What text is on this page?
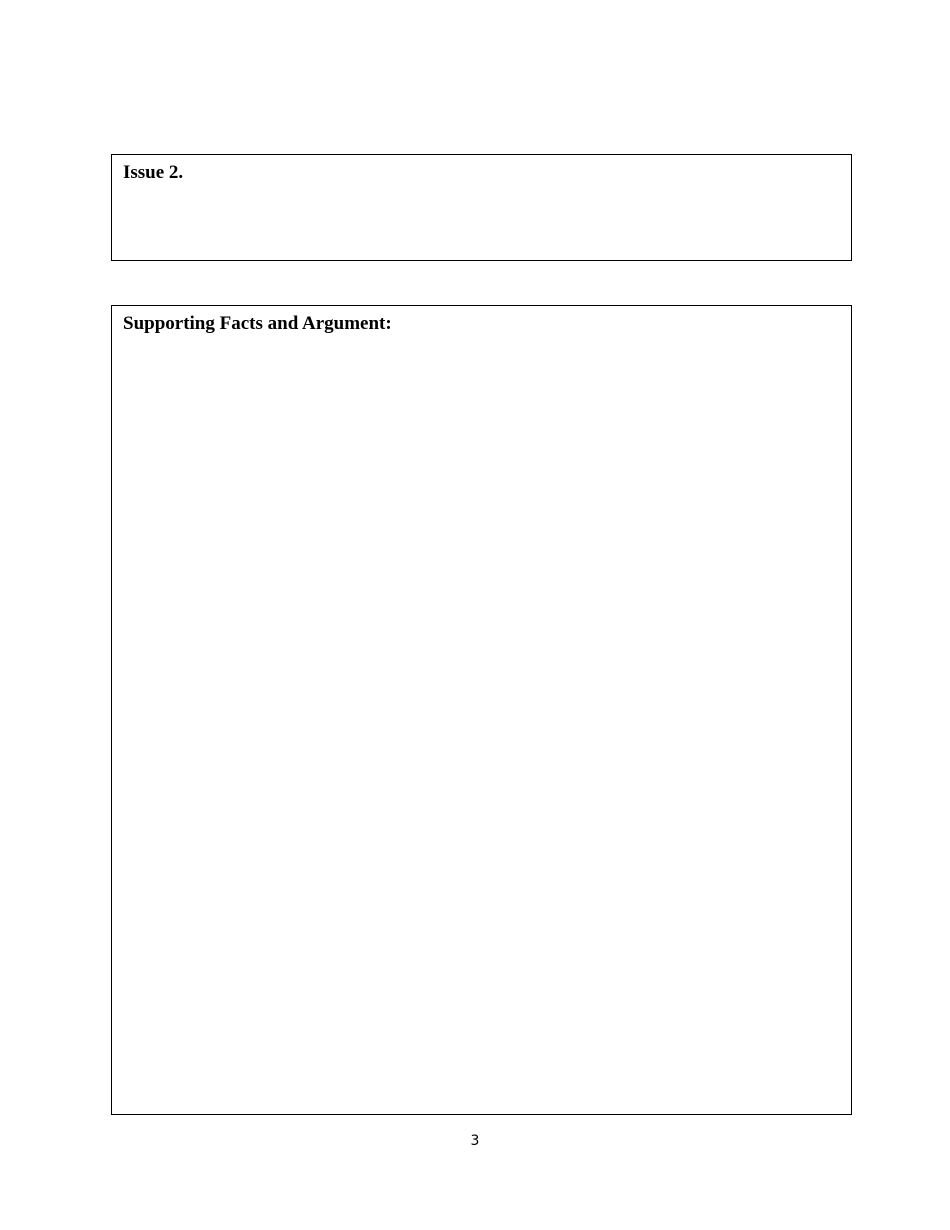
Issue 2.
Supporting Facts and Argument:
3
